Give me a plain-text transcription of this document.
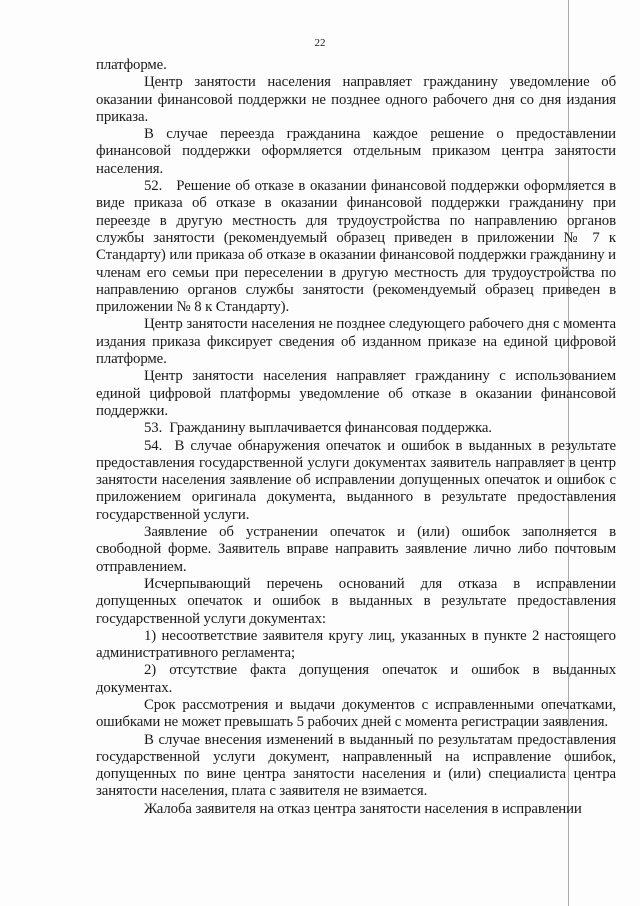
22

платформе.

Центр занятости населения направляет гражданину уведомление об оказании финансовой поддержки не позднее одного рабочего дня со дня издания приказа.

В случае переезда гражданина каждое решение о предоставлении финансовой поддержки оформляется отдельным приказом центра занятости населения.

52.   Решение об отказе в оказании финансовой поддержки оформляется в виде приказа об отказе в оказании финансовой поддержки гражданину при переезде в другую местность для трудоустройства по направлению органов службы занятости (рекомендуемый образец приведен в приложении № 7 к Стандарту) или приказа об отказе в оказании финансовой поддержки гражданину и членам его семьи при переселении в другую местность для трудоустройства по направлению органов службы занятости (рекомендуемый образец приведен в приложении № 8 к Стандарту).

Центр занятости населения не позднее следующего рабочего дня с момента издания приказа фиксирует сведения об изданном приказе на единой цифровой платформе.

Центр занятости населения направляет гражданину с использованием единой цифровой платформы уведомление об отказе в оказании финансовой поддержки.

53.  Гражданину выплачивается финансовая поддержка.

54.  В случае обнаружения опечаток и ошибок в выданных в результате предоставления государственной услуги документах заявитель направляет в центр занятости населения заявление об исправлении допущенных опечаток и ошибок с приложением оригинала документа, выданного в результате предоставления государственной услуги.

Заявление об устранении опечаток и (или) ошибок заполняется в свободной форме. Заявитель вправе направить заявление лично либо почтовым отправлением.

Исчерпывающий перечень оснований для отказа в исправлении допущенных опечаток и ошибок в выданных в результате предоставления государственной услуги документах:

1) несоответствие заявителя кругу лиц, указанных в пункте 2 настоящего административного регламента;

2) отсутствие факта допущения опечаток и ошибок в выданных документах.

Срок рассмотрения и выдачи документов с исправленными опечатками, ошибками не может превышать 5 рабочих дней с момента регистрации заявления.

В случае внесения изменений в выданный по результатам предоставления государственной услуги документ, направленный на исправление ошибок, допущенных по вине центра занятости населения и (или) специалиста центра занятости населения, плата с заявителя не взимается.

Жалоба заявителя на отказ центра занятости населения в исправлении
